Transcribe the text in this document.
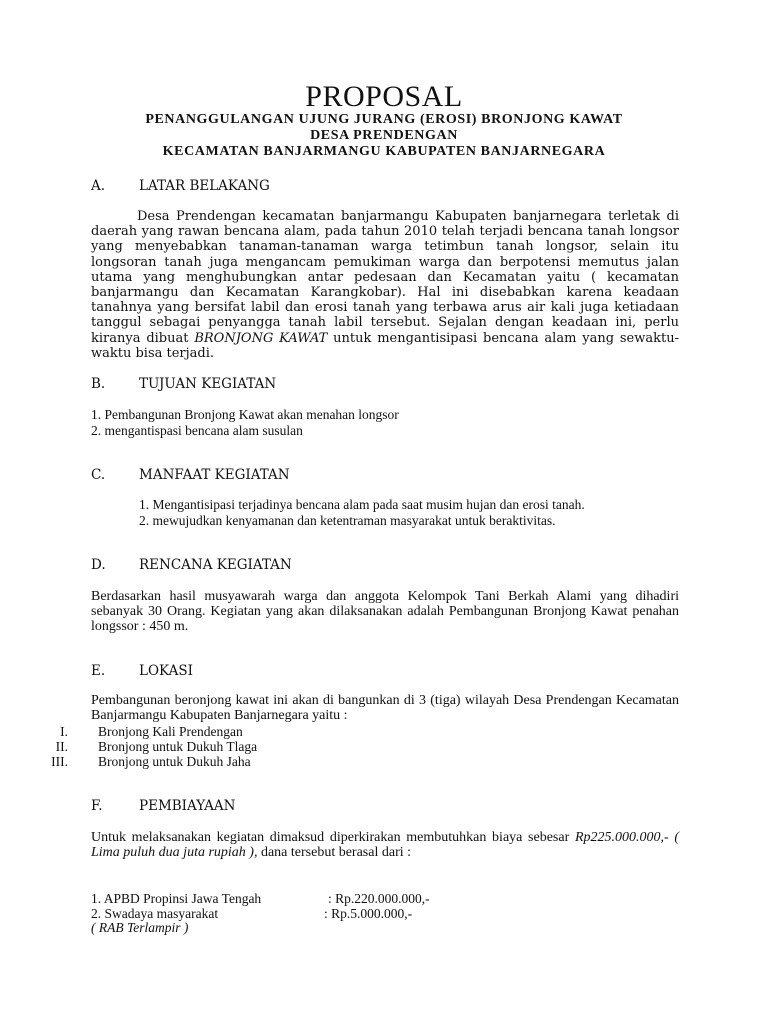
PROPOSAL
PENANGGULANGAN UJUNG JURANG (EROSI) BRONJONG KAWAT
DESA PRENDENGAN
KECAMATAN BANJARMANGU KABUPATEN BANJARNEGARA
A.	LATAR BELAKANG
Desa Prendengan kecamatan banjarmangu Kabupaten banjarnegara terletak di daerah yang rawan bencana alam, pada tahun 2010 telah terjadi bencana tanah longsor yang menyebabkan tanaman-tanaman warga tetimbun tanah longsor, selain itu longsoran tanah juga mengancam pemukiman warga dan berpotensi memutus jalan utama yang menghubungkan antar pedesaan dan Kecamatan yaitu ( kecamatan banjarmangu dan Kecamatan Karangkobar). Hal ini disebabkan karena keadaan tanahnya yang bersifat labil dan erosi tanah yang terbawa arus air kali juga ketiadaan tanggul sebagai penyangga tanah labil tersebut. Sejalan dengan keadaan ini, perlu kiranya dibuat BRONJONG KAWAT untuk mengantisipasi bencana alam yang sewaktu-waktu bisa terjadi.
B.	TUJUAN KEGIATAN
1. Pembangunan Bronjong Kawat akan menahan longsor
2. mengantispasi bencana alam susulan
C.	MANFAAT KEGIATAN
1. Mengantisipasi terjadinya bencana alam pada saat musim hujan dan erosi tanah.
2. mewujudkan kenyamanan dan ketentraman masyarakat untuk beraktivitas.
D. RENCANA KEGIATAN
Berdasarkan hasil musyawarah warga dan anggota Kelompok Tani Berkah Alami yang dihadiri sebanyak 30 Orang. Kegiatan yang akan dilaksanakan adalah Pembangunan Bronjong Kawat penahan longssor : 450 m.
E.	LOKASI
Pembangunan beronjong kawat ini akan di bangunkan di 3 (tiga) wilayah Desa Prendengan Kecamatan Banjarmangu Kabupaten Banjarnegara yaitu :
I. Bronjong Kali Prendengan
II. Bronjong untuk Dukuh Tlaga
III. Bronjong untuk Dukuh Jaha
F.	PEMBIAYAAN
Untuk melaksanakan kegiatan dimaksud diperkirakan membutuhkan biaya sebesar Rp225.000.000,- ( Lima puluh dua juta rupiah ), dana tersebut berasal dari :
1. APBD Propinsi Jawa Tengah	: Rp.220.000.000,-
2. Swadaya masyarakat	: Rp.5.000.000,-
( RAB Terlampir )
